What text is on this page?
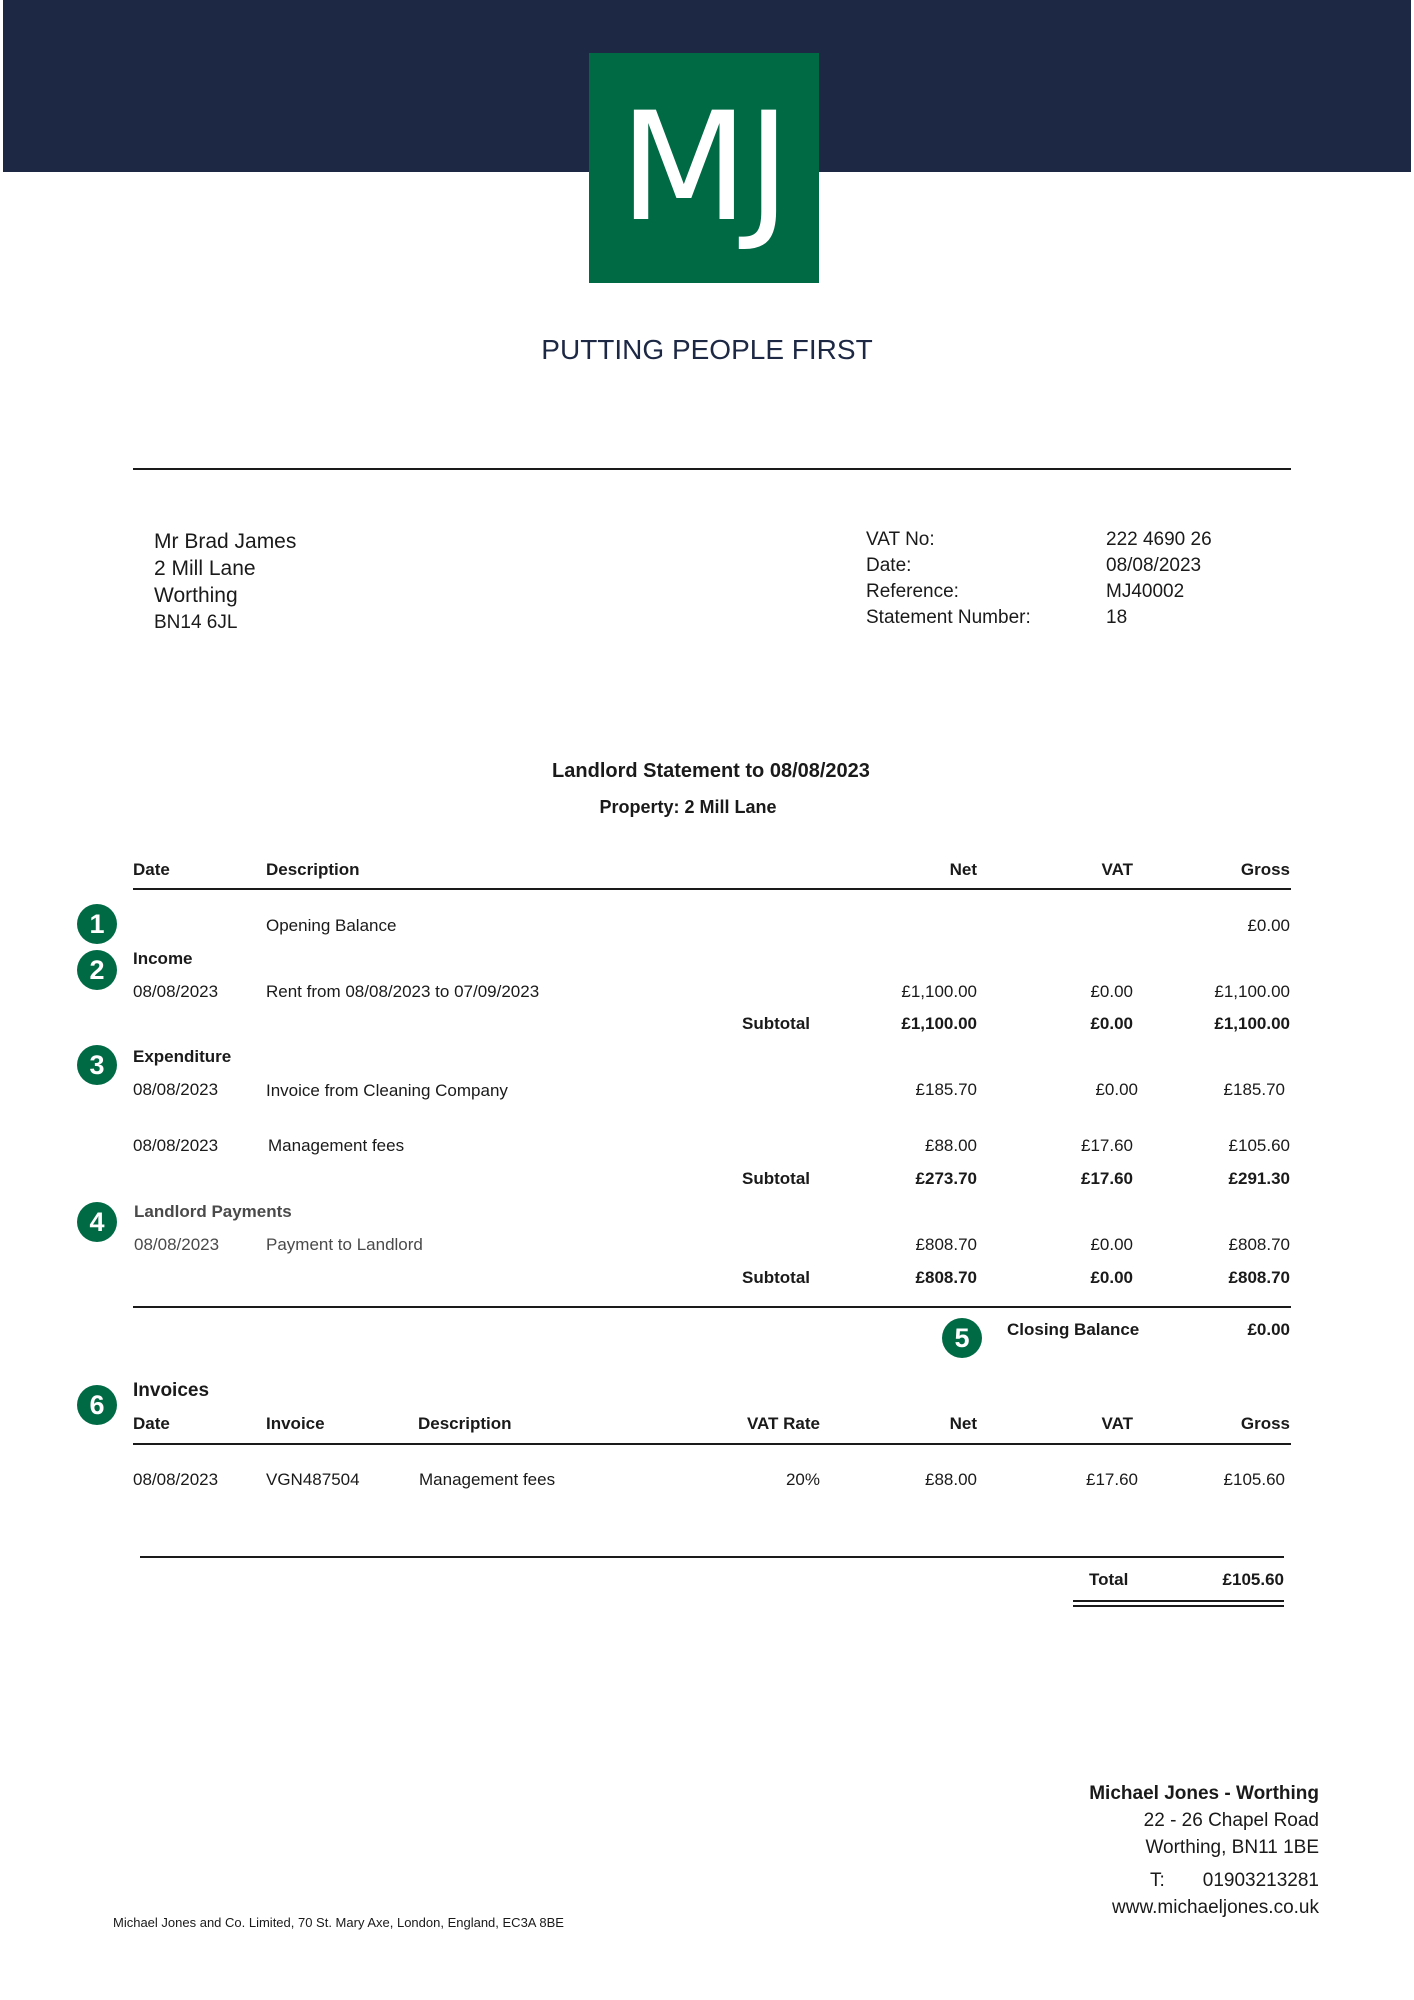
MJ
PUTTING PEOPLE FIRST
Mr Brad James
2 Mill Lane
Worthing
BN14 6JL
VAT No:	222 4690 26
Date:	08/08/2023
Reference:	MJ40002
Statement Number:	18
Landlord Statement to 08/08/2023
Property: 2 Mill Lane
Date	Description	Net	VAT	Gross
1	Opening Balance	£0.00
2	Income
08/08/2023	Rent from 08/08/2023 to 07/09/2023	£1,100.00	£0.00	£1,100.00
Subtotal	£1,100.00	£0.00	£1,100.00
3	Expenditure
08/08/2023	Invoice from Cleaning Company	£185.70	£0.00	£185.70
08/08/2023	Management fees	£88.00	£17.60	£105.60
Subtotal	£273.70	£17.60	£291.30
4	Landlord Payments
08/08/2023	Payment to Landlord	£808.70	£0.00	£808.70
Subtotal	£808.70	£0.00	£808.70
5	Closing Balance	£0.00
6	Invoices
Date	Invoice	Description	VAT Rate	Net	VAT	Gross
08/08/2023	VGN487504	Management fees	20%	£88.00	£17.60	£105.60
Total	£105.60
Michael Jones - Worthing
22 - 26 Chapel Road
Worthing, BN11 1BE
T: 01903213281
www.michaeljones.co.uk
Michael Jones and Co. Limited, 70 St. Mary Axe, London, England, EC3A 8BE
